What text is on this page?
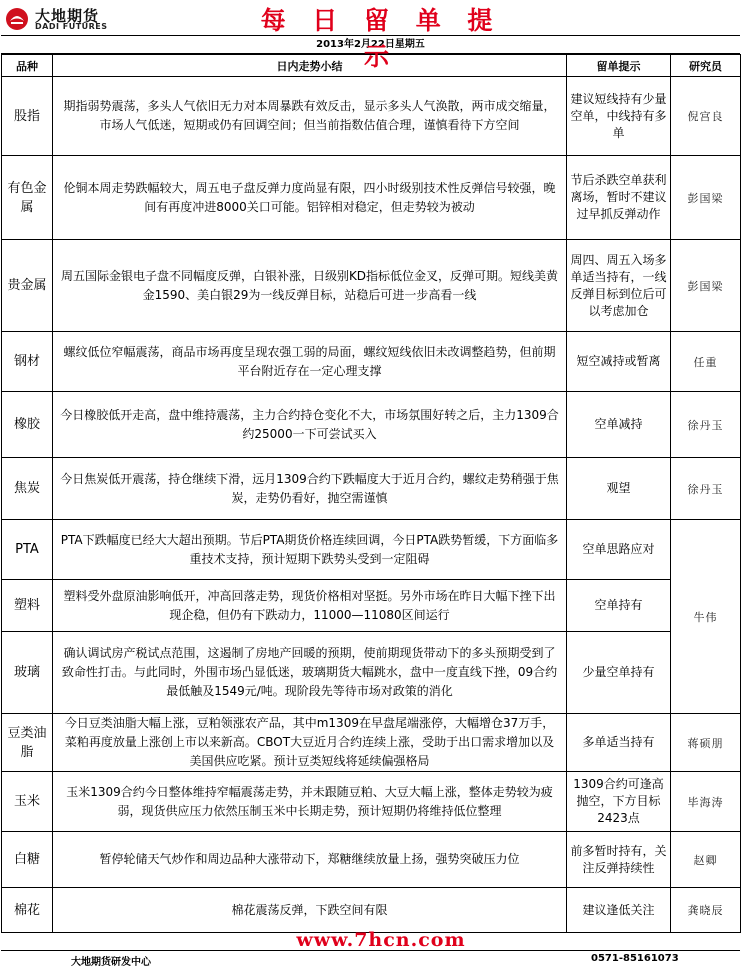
大地期货
DADI FUTURES	每 日 留 单 提 示
2013年2月22日星期五
品种	日内走势小结	留单提示	研究员
股指	期指弱势震荡，多头人气依旧无力对本周暴跌有效反击，显示多头人气涣散，两市成交缩量，市场人气低迷，短期或仍有回调空间；但当前指数估值合理，谨慎看待下方空间	建议短线持有少量空单，中线持有多单	倪宫良
有色金属	伦铜本周走势跌幅较大，周五电子盘反弹力度尚显有限，四小时级别技术性反弹信号较强，晚间有再度冲进8000关口可能。铝锌相对稳定，但走势较为被动	节后杀跌空单获利离场，暂时不建议过早抓反弹动作	彭国梁
贵金属	周五国际金银电子盘不同幅度反弹，白银补涨，日级别KD指标低位金叉，反弹可期。短线美黄金1590、美白银29为一线反弹目标，站稳后可进一步高看一线	周四、周五入场多单适当持有，一线反弹目标到位后可以考虑加仓	彭国梁
钢材	螺纹低位窄幅震荡，商品市场再度呈现农强工弱的局面，螺纹短线依旧未改调整趋势，但前期平台附近存在一定心理支撑	短空减持或暂离	任重
橡胶	今日橡胶低开走高，盘中维持震荡，主力合约持仓变化不大，市场氛围好转之后，主力1309合约25000一下可尝试买入	空单减持	徐丹玉
焦炭	今日焦炭低开震荡，持仓继续下滑，远月1309合约下跌幅度大于近月合约，螺纹走势稍强于焦炭，走势仍看好，抛空需谨慎	观望	徐丹玉
PTA	PTA下跌幅度已经大大超出预期。节后PTA期货价格连续回调，今日PTA跌势暂缓，下方面临多重技术支持，预计短期下跌势头受到一定阻碍	空单思路应对	牛伟
塑料	塑料受外盘原油影响低开，冲高回落走势，现货价格相对坚挺。另外市场在昨日大幅下挫下出现企稳，但仍有下跌动力，11000—11080区间运行	空单持有	
玻璃	确认调试房产税试点范围，这遏制了房地产回暖的预期，使前期现货带动下的多头预期受到了致命性打击。与此同时，外围市场凸显低迷，玻璃期货大幅跳水，盘中一度直线下挫，09合约最低触及1549元/吨。现阶段先等待市场对政策的消化	少量空单持有	
豆类油脂	今日豆类油脂大幅上涨，豆粕领涨农产品，其中m1309在早盘尾端涨停，大幅增仓37万手，菜粕再度放量上涨创上市以来新高。CBOT大豆近月合约连续上涨，受助于出口需求增加以及美国供应吃紧。预计豆类短线将延续偏强格局	多单适当持有	蒋硕朋
玉米	玉米1309合约今日整体维持窄幅震荡走势，并未跟随豆粕、大豆大幅上涨，整体走势较为疲弱，现货供应压力依然压制玉米中长期走势，预计短期仍将维持低位整理	1309合约可逢高抛空，下方目标2423点	毕海涛
白糖	暂停轮储天气炒作和周边品种大涨带动下，郑糖继续放量上扬，强势突破压力位	前多暂时持有，关注反弹持续性	赵卿
棉花	棉花震荡反弹，下跌空间有限	建议逢低关注	龚晓辰
www.7hcn.com
大地期货研发中心	0571-85161073
